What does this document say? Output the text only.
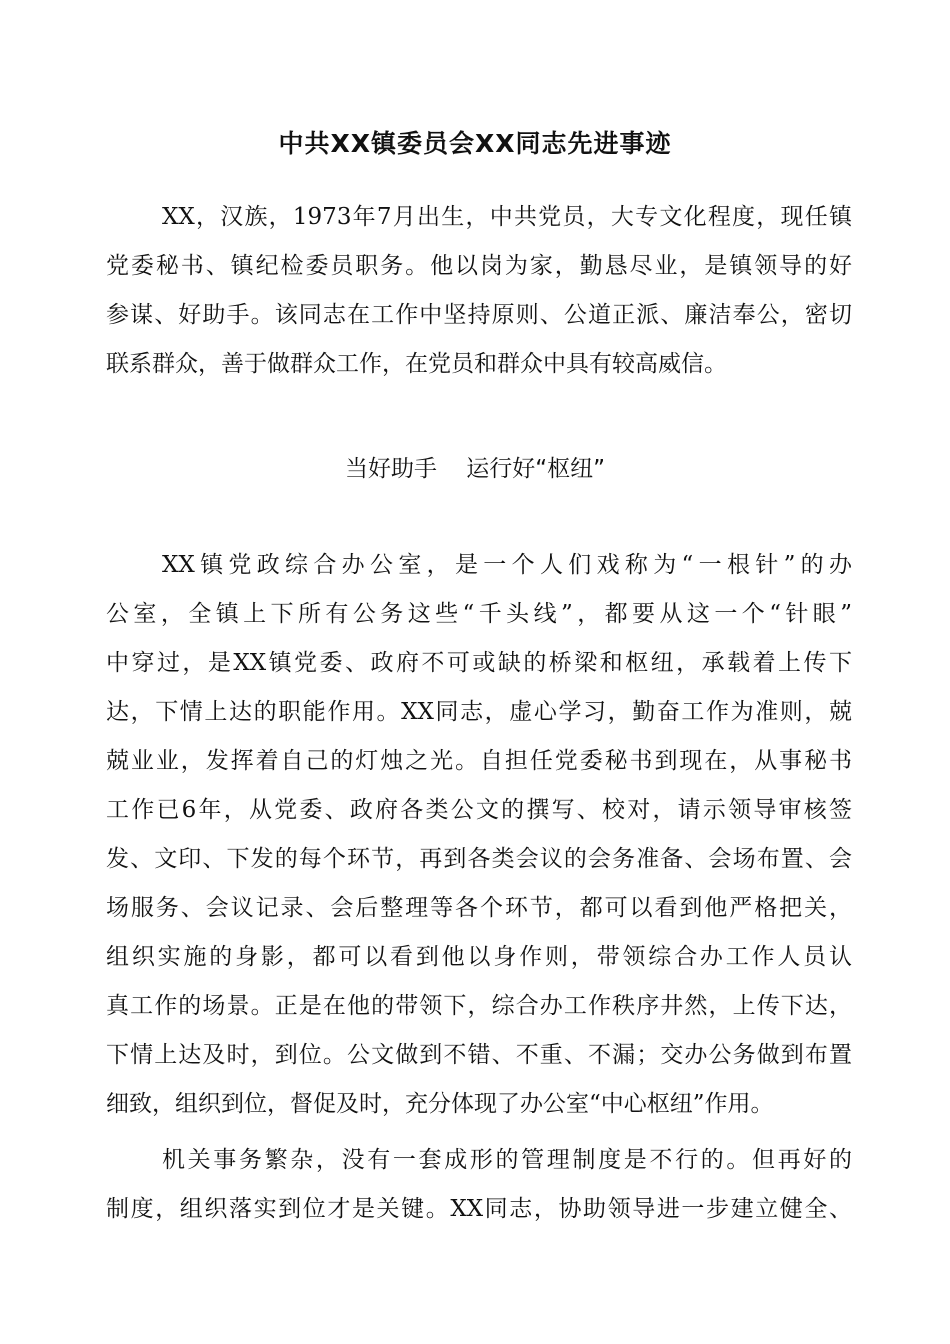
中共XX镇委员会XX同志先进事迹

XX，汉族，1973年7月出生，中共党员，大专文化程度，现任镇

党委秘书、镇纪检委员职务。他以岗为家，勤恳尽业，是镇领导的好

参谋、好助手。该同志在工作中坚持原则、公道正派、廉洁奉公，密切

联系群众，善于做群众工作，在党员和群众中具有较高威信。

当好助手    运行好“枢纽”

XX镇党政综合办公室，是一个人们戏称为“一根针”的办

公室，全镇上下所有公务这些“千头线”，都要从这一个“针眼”

中穿过，是XX镇党委、政府不可或缺的桥梁和枢纽，承载着上传下

达，下情上达的职能作用。XX同志，虚心学习，勤奋工作为准则，兢

兢业业，发挥着自己的灯烛之光。自担任党委秘书到现在，从事秘书

工作已6年，从党委、政府各类公文的撰写、校对，请示领导审核签

发、文印、下发的每个环节，再到各类会议的会务准备、会场布置、会

场服务、会议记录、会后整理等各个环节，都可以看到他严格把关，

组织实施的身影，都可以看到他以身作则，带领综合办工作人员认

真工作的场景。正是在他的带领下，综合办工作秩序井然，上传下达，

下情上达及时，到位。公文做到不错、不重、不漏；交办公务做到布置

细致，组织到位，督促及时，充分体现了办公室“中心枢纽”作用。

机关事务繁杂，没有一套成形的管理制度是不行的。但再好的

制度，组织落实到位才是关键。XX同志，协助领导进一步建立健全、
